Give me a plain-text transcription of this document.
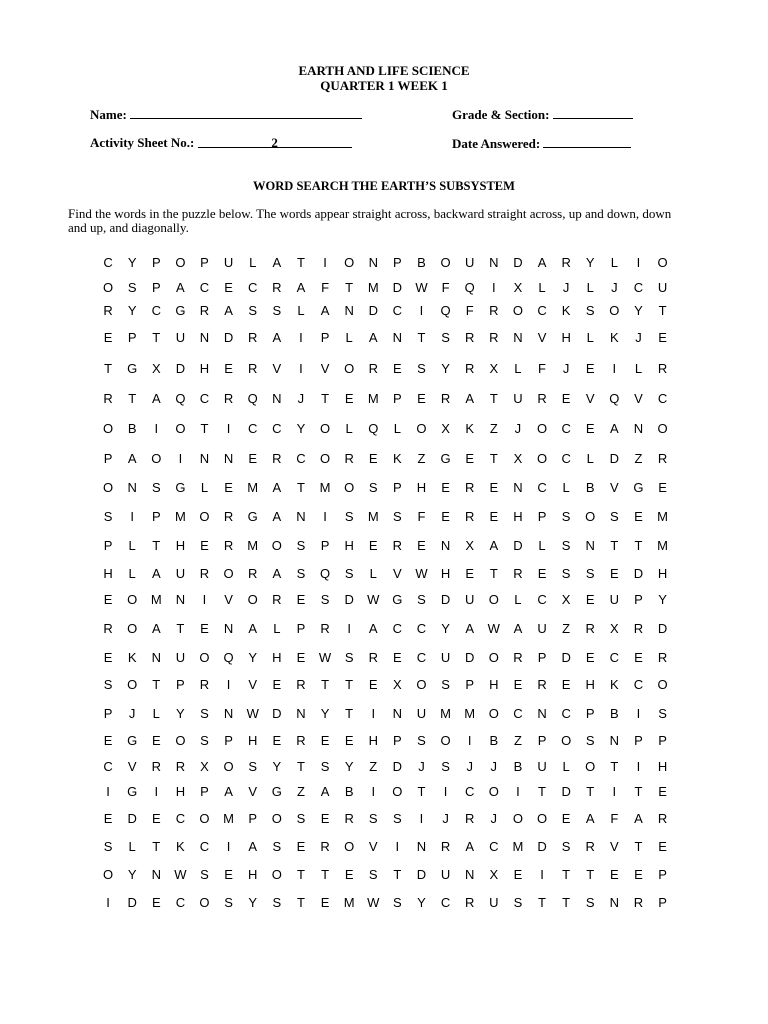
EARTH AND LIFE SCIENCE
QUARTER 1 WEEK 1
Name:	Grade & Section:
Activity Sheet No.:	2	Date Answered:
WORD SEARCH THE EARTH’S SUBSYSTEM
Find the words in the puzzle below. The words appear straight across, backward straight across, up and down, down and up, and diagonally.
C	Y	P	O	P	U	L	A	T	I	O	N	P	B	O	U	N	D	A	R	Y	L	I	O
O	S	P	A	C	E	C	R	A	F	T	M	D	W	F	Q	I	X	L	J	L	J	C	U
R	Y	C	G	R	A	S	S	L	A	N	D	C	I	Q	F	R	O	C	K	S	O	Y	T
E	P	T	U	N	D	R	A	I	P	L	A	N	T	S	R	R	N	V	H	L	K	J	E
T	G	X	D	H	E	R	V	I	V	O	R	E	S	Y	R	X	L	F	J	E	I	L	R
R	T	A	Q	C	R	Q	N	J	T	E	M	P	E	R	A	T	U	R	E	V	Q	V	C
O	B	I	O	T	I	C	C	Y	O	L	Q	L	O	X	K	Z	J	O	C	E	A	N	O
P	A	O	I	N	N	E	R	C	O	R	E	K	Z	G	E	T	X	O	C	L	D	Z	R
O	N	S	G	L	E	M	A	T	M	O	S	P	H	E	R	E	N	C	L	B	V	G	E
S	I	P	M	O	R	G	A	N	I	S	M	S	F	E	R	E	H	P	S	O	S	E	M
P	L	T	H	E	R	M	O	S	P	H	E	R	E	N	X	A	D	L	S	N	T	T	M
H	L	A	U	R	O	R	A	S	Q	S	L	V	W	H	E	T	R	E	S	S	E	D	H
E	O	M	N	I	V	O	R	E	S	D	W G	S	D	U	O	L	C	X	E	U	P	Y
R	O	A	T	E	N	A	L	P	R	I	A	C	C	Y	A	W	A	U	Z	R	X	R	D
E	K	N	U	O	Q	Y	H	E	W	S	R	E	C	U	D	O	R	P	D	E	C	E	R
S	O	T	P	R	I	V	E	R	T	T	E	X	O	S	P	H	E	R	E	H	K	C	O
P	J	L	Y	S	N	W	D	N	Y	T	I	N	U	M	M	O	C	N	C	P	B	I	S
E	G	E	O	S	P	H	E	R	E	E	H	P	S	O	I	B	Z	P	O	S	N	P	P
C	V	R	R	X	O	S	Y	T	S	Y	Z	D	J	S	J	J	B	U	L	O	T	I	H
I	G	I	H	P	A	V	G	Z	A	B	I	O	T	I	C	O	I	T	D	T	I	T	E
E	D	E	C	O	M	P	O	S	E	R	S	S	I	J	R	J	O	O	E	A	F	A	R
S	L	T	K	C	I	A	S	E	R	O	V	I	N	R	A	C	M	D	S	R	V	T	E
O	Y	N	W	S	E	H	O	T	T	E	S	T	D	U	N	X	E	I	T	T	E	E	P
I	D	E	C	O	S	Y	S	T	E	M W	S	Y	C	R	U	S	T	T	S	N	R	P
